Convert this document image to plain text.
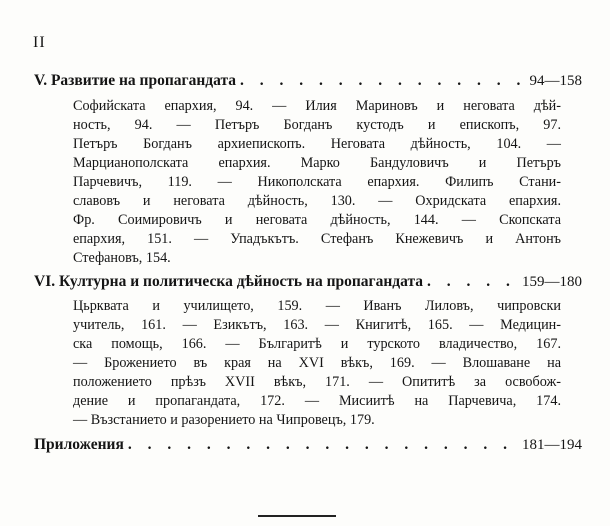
II
V. Развитие на пропагандата . . .	94—158
Софийската епархия, 94. — Илия Мариновъ и неговата дѣй-
ность, 94. — Петъръ Богданъ кустодъ и епископъ, 97.
Петъръ Богданъ архиепископъ. Неговата дѣйность, 104. —
Марцианополската епархия. Марко Бандуловичъ и Петъръ
Парчевичъ, 119. — Никополската епархия. Филипъ Стани-
славовъ и неговата дѣйность, 130. — Охридската епархия.
Фр. Соимировичъ и неговата дѣйность, 144. — Скопската
епархия, 151. — Упадъкътъ. Стефанъ Кнежевичъ и Антонъ
Стефановъ, 154.
VI. Културна и политическа дѣйность на пропагандата . . .	159—180
Цьрквата и училището, 159. — Иванъ Лиловъ, чипровски
учитель, 161. — Езикътъ, 163. — Книгитѣ, 165. — Медицин-
ска помощь, 166. — Българитѣ и турското владичество, 167.
— Брожението въ края на XVI вѣкъ, 169. — Влошаване на
положението прѣзъ XVII вѣкъ, 171. — Опититѣ за освобож-
дение и пропагандата, 172. — Мисиитѣ на Парчевича, 174.
— Възстанието и разорението на Чипровецъ, 179.
Приложения . . .	181—194
